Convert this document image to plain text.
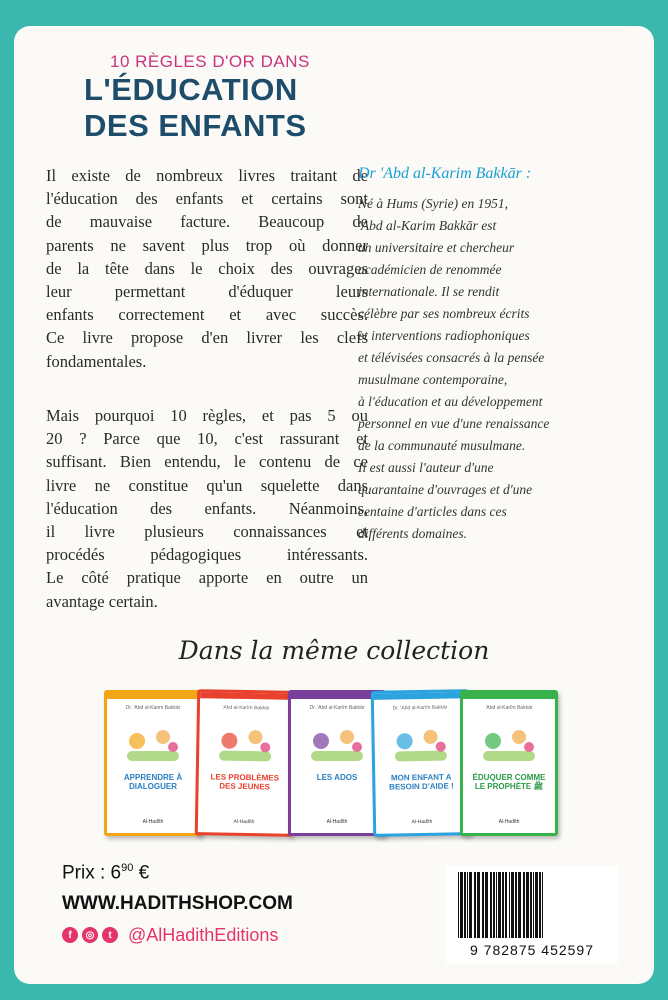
10 RÈGLES D'OR DANS
L'ÉDUCATION
DES ENFANTS
Il existe de nombreux livres traitant de
l'éducation des enfants et certains sont
de mauvaise facture. Beaucoup de
parents ne savent plus trop où donner
de la tête dans le choix des ouvrages
leur permettant d'éduquer leurs
enfants correctement et avec succès.
Ce livre propose d'en livrer les clefs
fondamentales.
Mais pourquoi 10 règles, et pas 5 ou
20 ? Parce que 10, c'est rassurant et
suffisant. Bien entendu, le contenu de ce
livre ne constitue qu'un squelette dans
l'éducation des enfants. Néanmoins,
il livre plusieurs connaissances et
procédés pédagogiques intéressants.
Le côté pratique apporte en outre un
avantage certain.
Dr 'Abd al-Karim Bakkār :
Né à Hums (Syrie) en 1951,
'Abd al-Karim Bakkār est
un universitaire et chercheur
académicien de renommée
internationale. Il se rendit
célèbre par ses nombreux écrits
et interventions radiophoniques
et télévisées consacrés à la pensée
musulmane contemporaine,
à l'éducation et au développement
personnel en vue d'une renaissance
de la communauté musulmane.
Il est aussi l'auteur d'une
quarantaine d'ouvrages et d'une
centaine d'articles dans ces
différents domaines.
Dans la même collection
Dr. 'Abd al-Karim Bakkār
APPRENDRE À DIALOGUER
Al-Hadîth
'Abd al-Karîm Bakkār
LES PROBLÈMES DES JEUNES
Al-Hadîth
Dr. 'Abd al-Karîm Bakkār
LES ADOS
Al-Hadîth
Dr. 'Abd al-Karîm Bakkār
MON ENFANT A BESOIN D'AIDE !
Al-Hadîth
'Abd al-Karîm Bakkār
ÉDUQUER COMME LE PROPHÈTE ﷺ
Al-Hadîth
Prix : $6^{90}$ €
WWW.HADITHSHOP.COM
f	◎	t @AlHadithEditions
9 782875 452597
